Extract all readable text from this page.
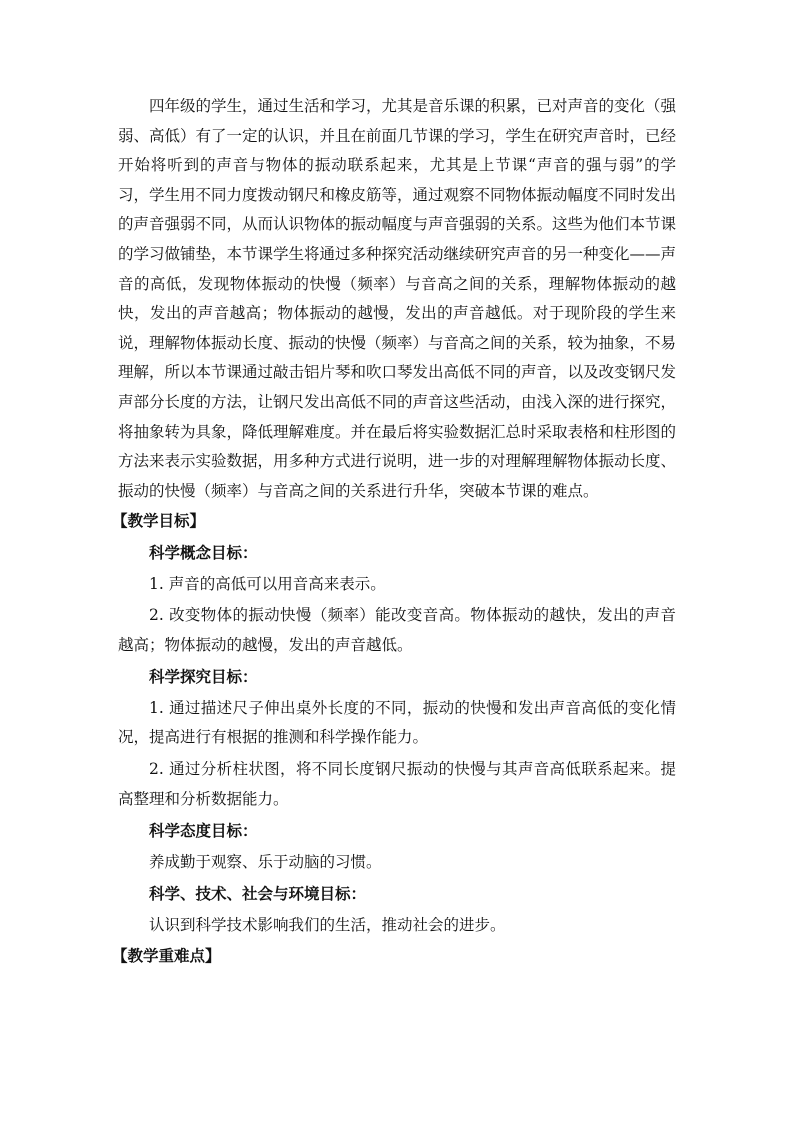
四年级的学生，通过生活和学习，尤其是音乐课的积累，已对声音的变化（强弱、高低）有了一定的认识，并且在前面几节课的学习，学生在研究声音时，已经开始将听到的声音与物体的振动联系起来，尤其是上节课“声音的强与弱”的学习，学生用不同力度拨动钢尺和橡皮筋等，通过观察不同物体振动幅度不同时发出的声音强弱不同，从而认识物体的振动幅度与声音强弱的关系。这些为他们本节课的学习做铺垫，本节课学生将通过多种探究活动继续研究声音的另一种变化——声音的高低，发现物体振动的快慢（频率）与音高之间的关系，理解物体振动的越快，发出的声音越高；物体振动的越慢，发出的声音越低。对于现阶段的学生来说，理解物体振动长度、振动的快慢（频率）与音高之间的关系，较为抽象，不易理解，所以本节课通过敲击铝片琴和吹口琴发出高低不同的声音，以及改变钢尺发声部分长度的方法，让钢尺发出高低不同的声音这些活动，由浅入深的进行探究，将抽象转为具象，降低理解难度。并在最后将实验数据汇总时采取表格和柱形图的方法来表示实验数据，用多种方式进行说明，进一步的对理解理解物体振动长度、振动的快慢（频率）与音高之间的关系进行升华，突破本节课的难点。

【教学目标】

科学概念目标：

1. 声音的高低可以用音高来表示。

2. 改变物体的振动快慢（频率）能改变音高。物体振动的越快，发出的声音越高；物体振动的越慢，发出的声音越低。

科学探究目标：

1. 通过描述尺子伸出桌外长度的不同，振动的快慢和发出声音高低的变化情况，提高进行有根据的推测和科学操作能力。

2. 通过分析柱状图，将不同长度钢尺振动的快慢与其声音高低联系起来。提高整理和分析数据能力。

科学态度目标：

养成勤于观察、乐于动脑的习惯。

科学、技术、社会与环境目标：

认识到科学技术影响我们的生活，推动社会的进步。

【教学重难点】
